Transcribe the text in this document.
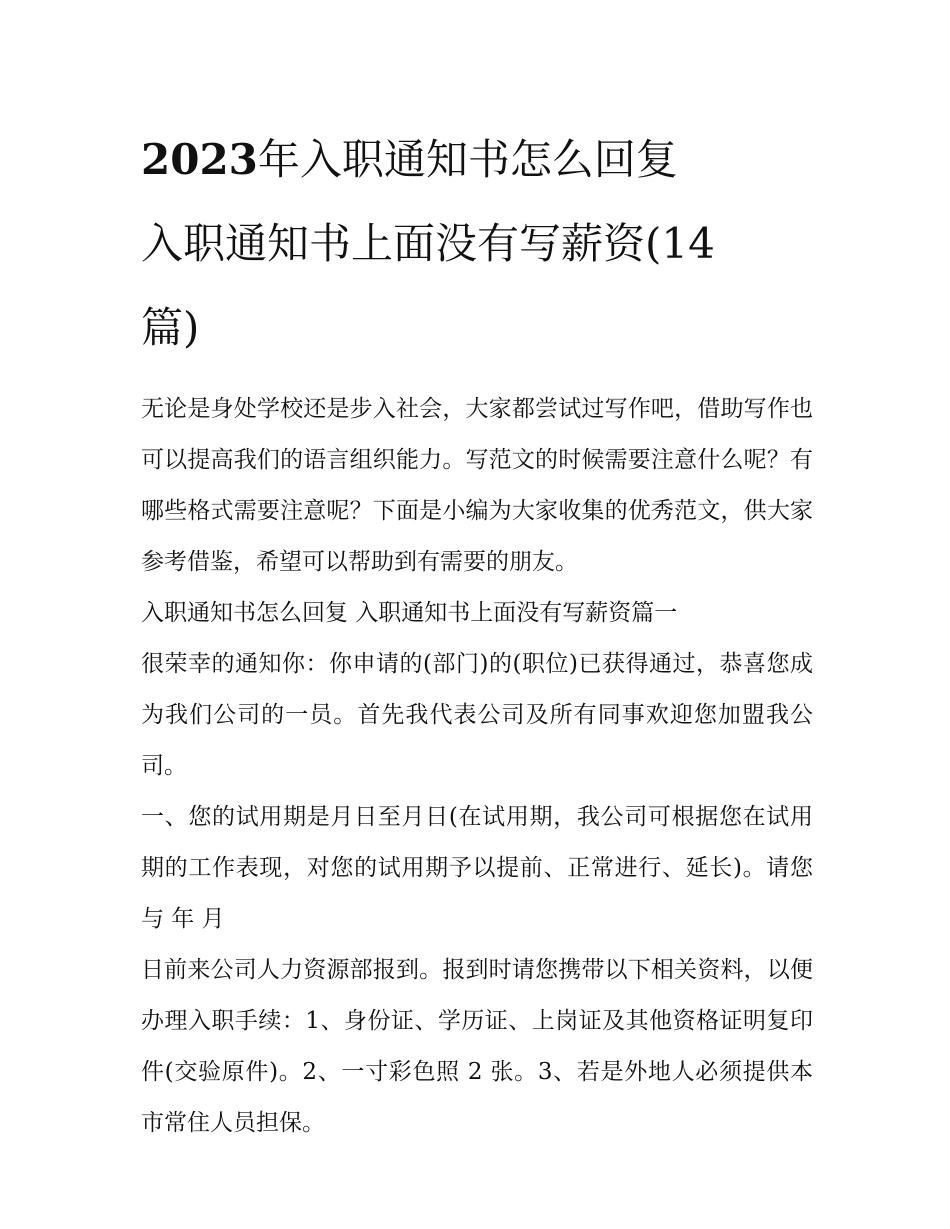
2023年入职通知书怎么回复
入职通知书上面没有写薪资(14
篇)

无论是身处学校还是步入社会，大家都尝试过写作吧，借助写作也可以提高我们的语言组织能力。写范文的时候需要注意什么呢？有哪些格式需要注意呢？下面是小编为大家收集的优秀范文，供大家参考借鉴，希望可以帮助到有需要的朋友。

入职通知书怎么回复 入职通知书上面没有写薪资篇一

很荣幸的通知你：你申请的(部门)的(职位)已获得通过，恭喜您成为我们公司的一员。首先我代表公司及所有同事欢迎您加盟我公司。

一、您的试用期是月日至月日(在试用期，我公司可根据您在试用期的工作表现，对您的试用期予以提前、正常进行、延长)。请您与 年 月

日前来公司人力资源部报到。报到时请您携带以下相关资料，以便办理入职手续：1、身份证、学历证、上岗证及其他资格证明复印件(交验原件)。2、一寸彩色照 2 张。3、若是外地人必须提供本市常住人员担保。
